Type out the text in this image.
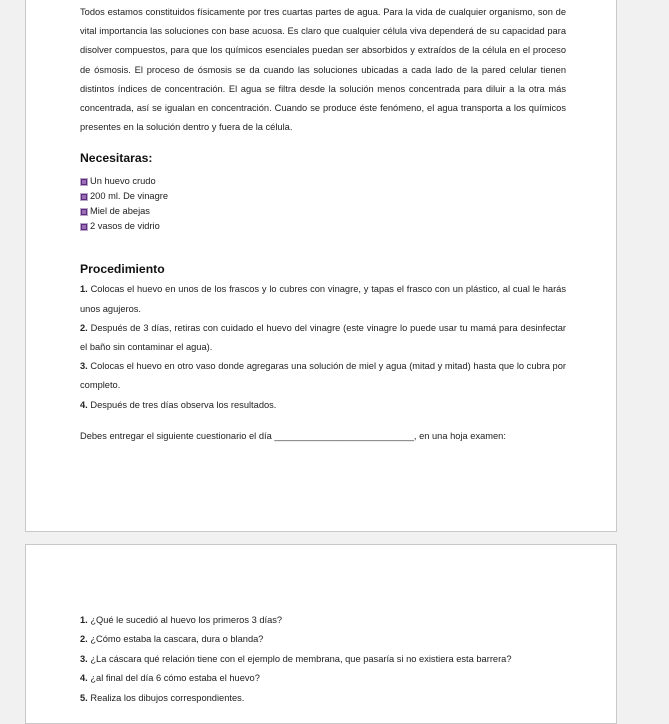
Todos estamos constituidos físicamente por tres cuartas partes de agua. Para la vida de cualquier organismo, son de vital importancia las soluciones con base acuosa. Es claro que cualquier célula viva dependerá de su capacidad para disolver compuestos, para que los químicos esenciales puedan ser absorbidos y extraídos de la célula en el proceso de ósmosis. El proceso de ósmosis se da cuando las soluciones ubicadas a cada lado de la pared celular tienen distintos índices de concentración. El agua se filtra desde la solución menos concentrada para diluir a la otra más concentrada, así se igualan en concentración. Cuando se produce éste fenómeno, el agua transporta a los químicos presentes en la solución dentro y fuera de la célula.

Necesitaras:
Un huevo crudo
200 ml. De vinagre
Miel de abejas
2 vasos de vidrio
Procedimiento

1. Colocas el huevo en unos de los frascos y lo cubres con vinagre, y tapas el frasco con un plástico, al cual le harás unos agujeros.

2. Después de 3 días, retiras con cuidado el huevo del vinagre (este vinagre lo puede usar tu mamá para desinfectar el baño sin contaminar el agua).

3. Colocas el huevo en otro vaso donde agregaras una solución de miel y agua (mitad y mitad) hasta que lo cubra por completo.

4. Después de tres días observa los resultados.

Debes entregar el siguiente cuestionario el día ___________________________, en una hoja examen:

1. ¿Qué le sucedió al huevo los primeros 3 días?

2. ¿Cómo estaba la cascara, dura o blanda?

3. ¿La cáscara qué relación tiene con el ejemplo de membrana, que pasaría si no existiera esta barrera?

4. ¿al final del día 6 cómo estaba el huevo?

5. Realiza los dibujos correspondientes.
